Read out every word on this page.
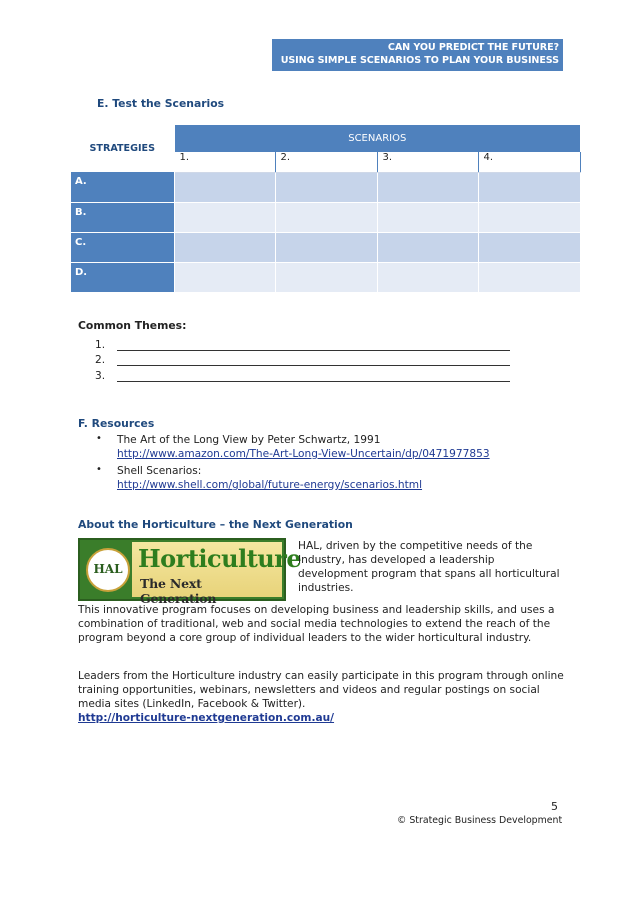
CAN YOU PREDICT THE FUTURE?
USING SIMPLE SCENARIOS TO PLAN YOUR BUSINESS
E. Test the Scenarios
STRATEGIES	SCENARIOS			
	1.	2.	3.	4.
A.				
B.				
C.				
D.				
Common Themes:
1.
2.
3.
F. Resources
• The Art of the Long View by Peter Schwartz, 1991
http://www.amazon.com/The-Art-Long-View-Uncertain/dp/0471977853
• Shell Scenarios:
http://www.shell.com/global/future-energy/scenarios.html
About the Horticulture – the Next Generation
HAL Horticulture
The Next Generation
HAL, driven by the competitive needs of the Industry, has developed a leadership development program that spans all horticultural industries.
This innovative program focuses on developing business and leadership skills, and uses a combination of traditional, web and social media technologies to extend the reach of the program beyond a core group of individual leaders to the wider horticultural industry.
Leaders from the Horticulture industry can easily participate in this program through online training opportunities, webinars, newsletters and videos and regular postings on social media sites (LinkedIn, Facebook & Twitter).
http://horticulture-nextgeneration.com.au/
5
© Strategic Business Development
